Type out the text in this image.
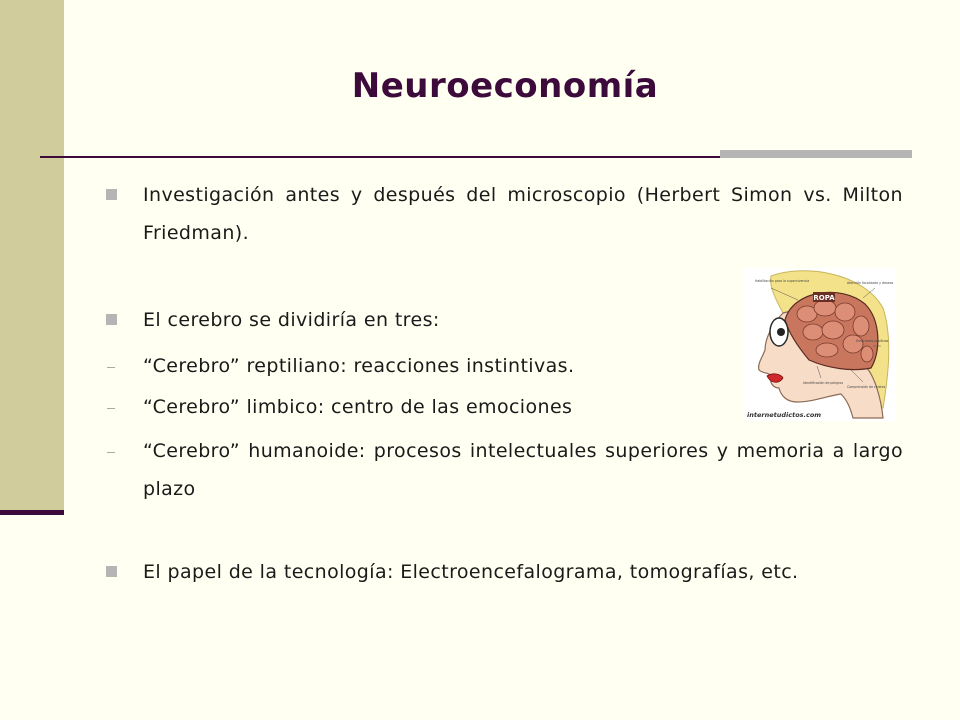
Neuroeconomía
Investigación antes y después del microscopio (Herbert Simon vs. Milton Friedman).
El cerebro se dividiría en tres:
“Cerebro” reptiliano: reacciones instintivas.
“Cerebro” limbico: centro de las emociones
“Cerebro” humanoide: procesos intelectuales superiores y memoria a largo plazo
El papel de la tecnología: Electroencefalograma, tomografías, etc.
ROPA
Habilitación para la supervivencia	Atención focalizada y deseos
Emociones positivas
Comprensión de chistes
Identificación de peligros
internetudictos.com
